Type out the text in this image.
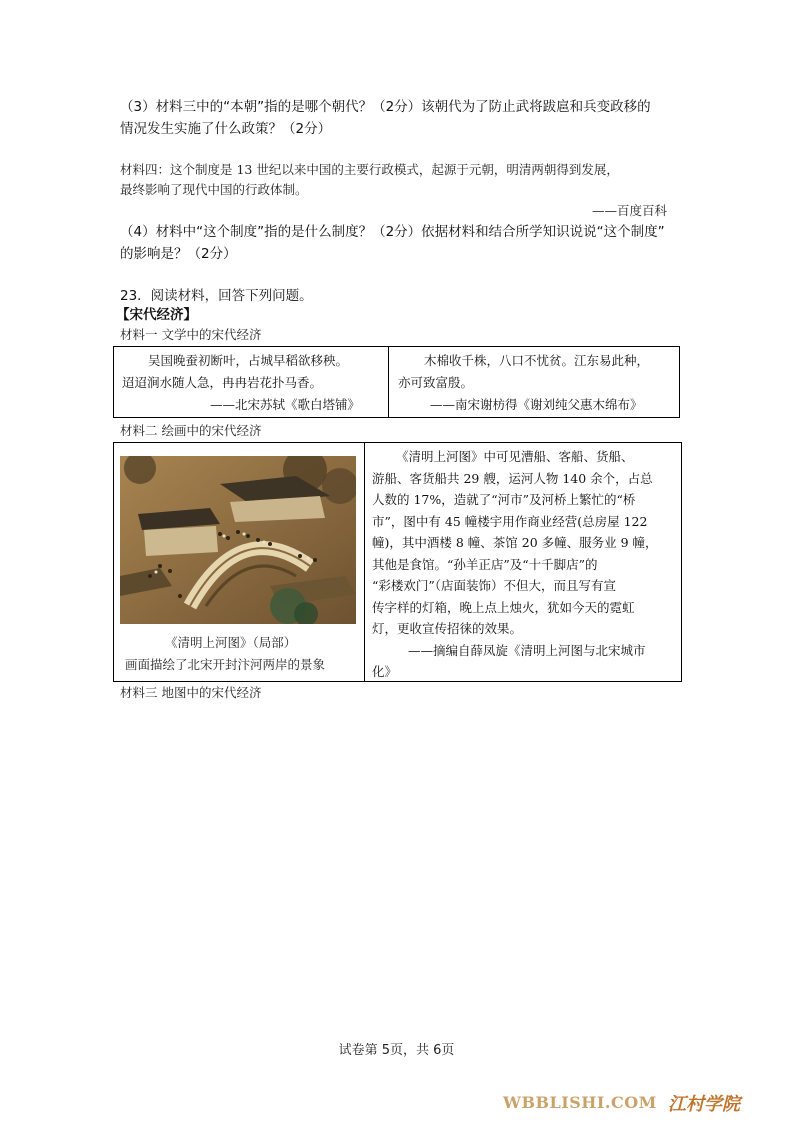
（3）材料三中的“本朝”指的是哪个朝代？（2分）该朝代为了防止武将跋扈和兵变政移的
情况发生实施了什么政策？（2分）
材料四：这个制度是 13 世纪以来中国的主要行政模式，起源于元朝，明清两朝得到发展，
最终影响了现代中国的行政体制。
——百度百科
（4）材料中“这个制度”指的是什么制度？（2分）依据材料和结合所学知识说说“这个制度”
的影响是？（2分）
23．阅读材料，回答下列问题。
【宋代经济】
材料一 文学中的宋代经济
吴国晚蚕初断叶，占城早稻欲移秧。
迢迢涧水随人急，冉冉岩花扑马香。
——北宋苏轼《歌白塔铺》
木棉收千株，八口不忧贫。江东易此种，
亦可致富殷。
——南宋谢枋得《谢刘纯父惠木绵布》
材料二 绘画中的宋代经济
《清明上河图》（局部）
画面描绘了北宋开封汴河两岸的景象
《清明上河图》中可见漕船、客船、货船、
游船、客货船共 29 艘，运河人物 140 余个，占总
人数的 17%，造就了“河市”及河桥上繁忙的“桥
市”，图中有 45 幢楼宇用作商业经营(总房屋 122
幢)，其中酒楼 8 幢、茶馆 20 多幢、服务业 9 幢，
其他是食馆。“孙羊正店”及“十千脚店”的
“彩楼欢门”（店面装饰）不但大，而且写有宣
传字样的灯箱，晚上点上烛火，犹如今天的霓虹
灯，更收宣传招徕的效果。
——摘编自薛凤旋《清明上河图与北宋城市
化》
材料三 地图中的宋代经济
试卷第 5页，共 6页
WBBLISHI.COM 江村学院
